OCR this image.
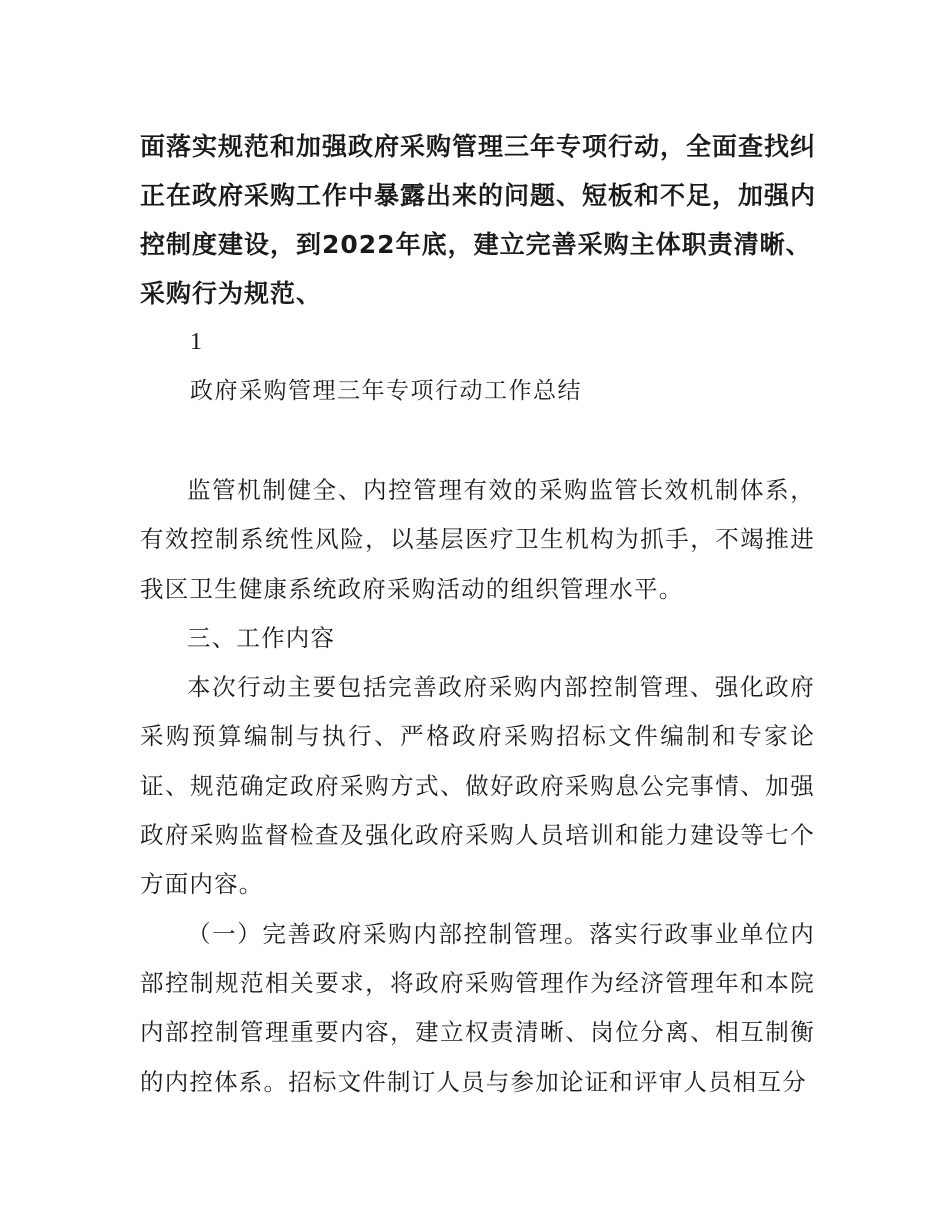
面落实规范和加强政府采购管理三年专项行动，全面查找纠正在政府采购工作中暴露出来的问题、短板和不足，加强内控制度建设，到2022年底，建立完善采购主体职责清晰、采购行为规范、

1

政府采购管理三年专项行动工作总结

监管机制健全、内控管理有效的采购监管长效机制体系，有效控制系统性风险，以基层医疗卫生机构为抓手，不竭推进我区卫生健康系统政府采购活动的组织管理水平。

三、工作内容

本次行动主要包括完善政府采购内部控制管理、强化政府采购预算编制与执行、严格政府采购招标文件编制和专家论证、规范确定政府采购方式、做好政府采购息公完事情、加强政府采购监督检查及强化政府采购人员培训和能力建设等七个方面内容。

（一）完善政府采购内部控制管理。落实行政事业单位内部控制规范相关要求，将政府采购管理作为经济管理年和本院内部控制管理重要内容，建立权责清晰、岗位分离、相互制衡的内控体系。招标文件制订人员与参加论证和评审人员相互分
